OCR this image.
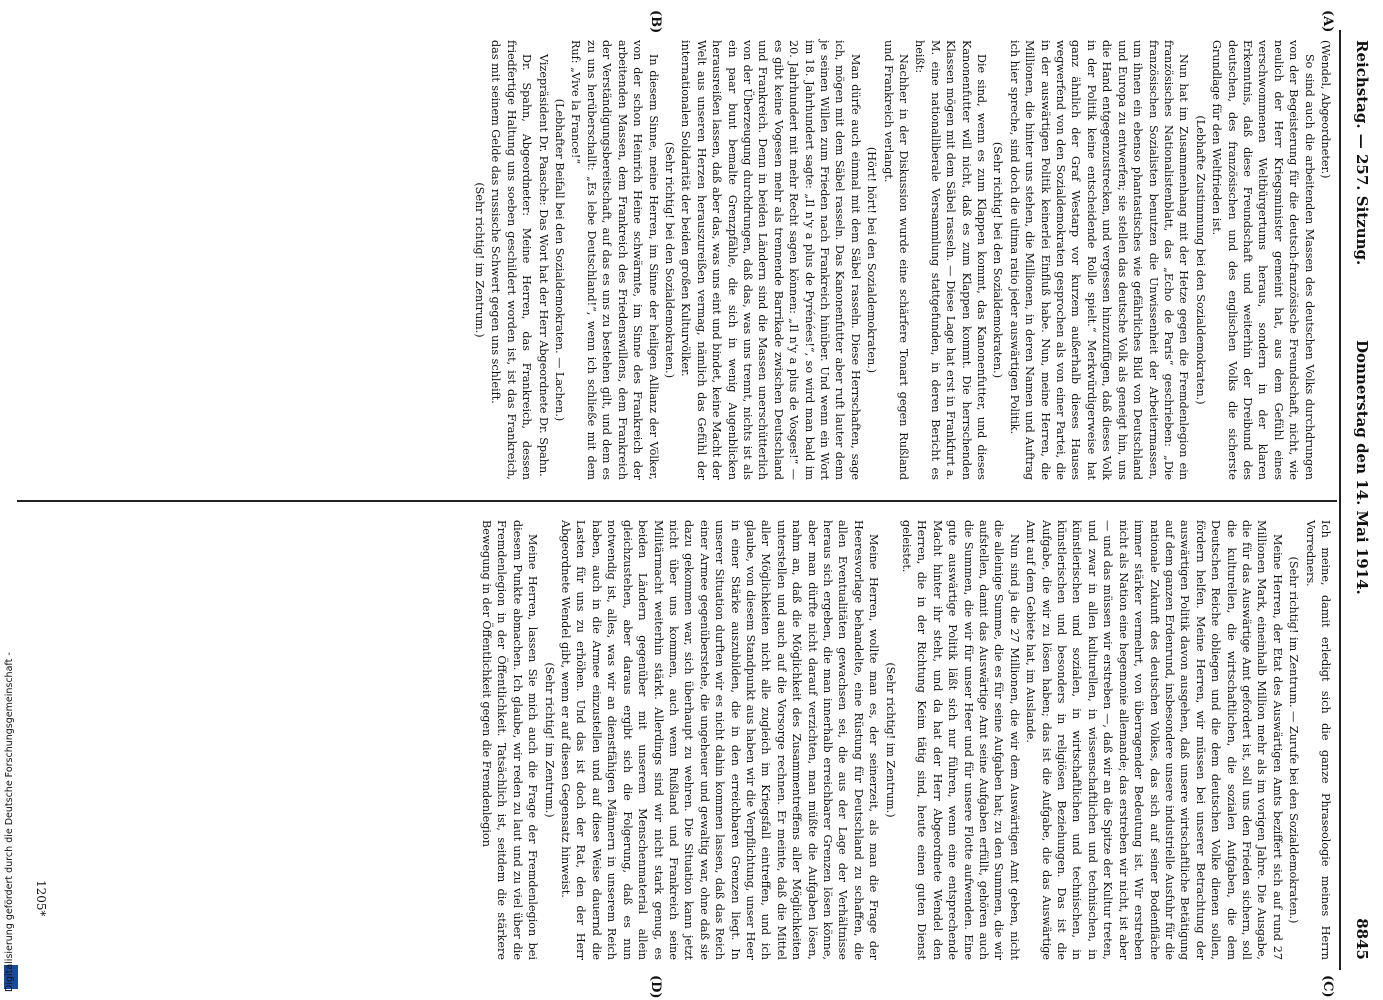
Digitalisierung gefördert durch die Deutsche Forschungsgemeinschaft -
Reichstag. — 257. Sitzung.
Donnerstag den 14. Mai 1914.
8845
(A)
(B)
(C)
(D)

(Wendel, Abgeordneter.)

So sind auch die arbeitenden Massen des deutschen Volks durchdrungen von der Begeisterung für die deutsch-französische Freundschaft, nicht, wie neulich der Herr Kriegsminister gemeint hat, aus dem Gefühl eines verschwommenen Weltbürgertums heraus, sondern in der klaren Erkenntnis, daß diese Freundschaft und weiterhin der Dreibund des deutschen, des französischen und des englischen Volks die sicherste Grundlage für den Weltfrieden ist.

(Lebhafte Zustimmung bei den Sozialdemokraten.)

Nun hat im Zusammenhang mit der Hetze gegen die Fremdenlegion ein französisches Nationalistenblatt, das „Echo de Paris“ geschrieben: „Die französischen Sozialisten benutzen die Unwissenheit der Arbeitermassen, um ihnen ein ebenso phantastisches wie gefährliches Bild von Deutschland und Europa zu entwerfen; sie stellen das deutsche Volk als geneigt hin, uns die Hand entgegenzustrecken, und vergessen hinzuzufügen, daß dieses Volk in der Politik keine entscheidende Rolle spielt.“ Merkwürdigerweise hat ganz ähnlich der Graf Westarp vor kurzem außerhalb dieses Hauses wegwerfend von den Sozialdemokraten gesprochen als von einer Partei, die in der auswärtigen Politik keinerlei Einfluß habe. Nun, meine Herren, die Millionen, die hinter uns stehen, die Millionen, in deren Namen und Auftrag ich hier spreche, sind doch die ultima ratio jeder auswärtigen Politik.

(Sehr richtig! bei den Sozialdemokraten.)

Die sind, wenn es zum Klappen kommt, das Kanonenfutter, und dieses Kanonenfutter will nicht, daß es zum Klappen kommt. Die herrschenden Klassen mögen mit dem Säbel rasseln. — Diese Lage hat erst in Frankfurt a. M. eine nationalliberale Versammlung stattgefunden, in deren Bericht es heißt:

Nachher in der Diskussion wurde eine schärfere Tonart gegen Rußland und Frankreich verlangt.

(Hört! hört! bei den Sozialdemokraten.)

Man dürfe auch einmal mit dem Säbel rasseln. Diese Herrschaften, sage ich, mögen mit dem Säbel rasseln. Das Kanonenfutter aber ruft lauter denn je seinen Willen zum Frieden nach Frankreich hinüber. Und wenn ein Wort im 18. Jahrhundert sagte: „Il n'y a plus de Pyrénées!“, so wird man bald im 20. Jahrhundert mit mehr Recht sagen können: „Il n'y a plus de Vosges!“ — es gibt keine Vogesen mehr als trennende Barrikade zwischen Deutschland und Frankreich. Denn in beiden Ländern sind die Massen unerschütterlich von der Überzeugung durchdrungen, daß das, was uns trennt, nichts ist als ein paar bunt bemalte Grenzpfähle, die sich in wenig Augenblicken herausreißen lassen, daß aber das, was uns eint und bindet, keine Macht der Welt aus unseren Herzen herauszureißen vermag, nämlich das Gefühl der internationalen Solidarität der beiden großen Kulturvölker.

(Sehr richtig! bei den Sozialdemokraten.)

In diesem Sinne, meine Herren, im Sinne der heiligen Allianz der Völker, von der schon Heinrich Heine schwärmte, im Sinne des Frankreich der arbeitenden Massen, dem Frankreich des Friedenswillens, dem Frankreich der Verständigungsbereitschaft, auf das es uns zu bestehen gilt, und dem es zu uns herüberschallt: „Es lebe Deutschland!“, wenn ich schließe mit dem Ruf: „Vive la France!“

(Lebhafter Beifall bei den Sozialdemokraten. — Lachen.)

Vizepräsident Dr. Paasche: Das Wort hat der Herr Abgeordnete Dr. Spahn.

Dr. Spahn, Abgeordneter: Meine Herren, das Frankreich, dessen friedfertige Haltung uns soeben geschildert worden ist, ist das Frankreich, das mit seinem Gelde das russische Schwert gegen uns schleift.

(Sehr richtig! im Zentrum.)

Ich meine, damit erledigt sich die ganze Phraseologie meines Herrn Vorredners.

(Sehr richtig! im Zentrum. — Zurufe bei den Sozialdemokraten.)

Meine Herren, der Etat des Auswärtigen Amts beziffert sich auf rund 27 Millionen Mark, eineinhalb Million mehr als im vorigen Jahre. Die Ausgabe, die für das Auswärtige Amt gefordert ist, soll uns den Frieden sichern, soll die kulturellen, die wirtschaftlichen, die sozialen Aufgaben, die dem Deutschen Reiche obliegen und die dem deutschen Volke dienen sollen, fördern helfen. Meine Herren, wir müssen bei unserer Betrachtung der auswärtigen Politik davon ausgehen, daß unsere wirtschaftliche Betätigung auf dem ganzen Erdenrund, insbesondere unsere industrielle Ausfuhr für die nationale Zukunft des deutschen Volkes, das sich auf seiner Bodenfläche immer stärker vermehrt, von überragender Bedeutung ist. Wir erstreben nicht als Nation eine hegemonie allemande; das erstreben wir nicht, ist aber — und das müssen wir erstreben —, daß wir an die Spitze der Kultur treten, und zwar in allen kulturellen, in wissenschaftlichen und technischen, in künstlerischen und sozialen, in wirtschaftlichen und technischen, in künstlerischen und besonders in religiösen Beziehungen. Das ist die Aufgabe, die wir zu lösen haben; das ist die Aufgabe, die das Auswärtige Amt auf dem Gebiete hat, im Auslande.

Nun sind ja die 27 Millionen, die wir dem Auswärtigen Amt geben, nicht die alleinige Summe, die es für seine Aufgaben hat; zu den Summen, die wir aufstellen, damit das Auswärtige Amt seine Aufgaben erfüllt, gehören auch die Summen, die wir für unser Heer und für unsere Flotte aufwenden. Eine gute auswärtige Politik läßt sich nur führen, wenn eine entsprechende Macht hinter ihr steht, und da hat der Herr Abgeordnete Wendel den Herren, die in der Richtung Keim tätig sind, heute einen guten Dienst geleistet.

(Sehr richtig! im Zentrum.)

Meine Herren, wollte man es, der seinerzeit, als man die Frage der Heeresvorlage behandelte, eine Rüstung für Deutschland zu schaffen, die allen Eventualitäten gewachsen sei, die aus der Lage der Verhältnisse heraus sich ergeben, die man innerhalb erreichbarer Grenzen lösen könne, aber man dürfte nicht darauf verzichten, man müßte die Aufgaben lösen, nahm an, daß die Möglichkeit des Zusammentreffens aller Möglichkeiten unterstellen und auch auf die Vorsorge rechnen. Er meinte, daß die Mittel aller Möglichkeiten nicht alle zugleich im Kriegsfall eintreffen, und ich glaube, von diesem Standpunkt aus haben wir die Verpflichtung, unser Heer in einer Stärke auszubilden, die in den erreichbaren Grenzen liegt. In unserer Situation durften wir es nicht dahin kommen lassen, daß das Reich einer Armee gegenüberstehe, die ungeheuer und gewaltig war, ohne daß sie dazu gekommen war, sich überhaupt zu wehren. Die Situation kann jetzt nicht über uns kommen, auch wenn Rußland und Frankreich seine Militärmacht weiterhin stärkt. Allerdings sind wir nicht stark genug, es beiden Ländern gegenüber mit unserem Menschenmaterial allein gleichzustehen, aber daraus ergibt sich die Folgerung, daß es nun notwendig ist, alles, was wir an dienstfähigen Männern in unserem Reich haben, auch in die Armee einzustellen und auf diese Weise dauernd die Lasten für uns zu erhöhen. Und das ist doch der Rat, den der Herr Abgeordnete Wendel gibt, wenn er auf diesen Gegensatz hinweist.

(Sehr richtig! im Zentrum.)

Meine Herren, lassen Sie mich auch die Frage der Fremdenlegion bei diesem Punkte abmachen. Ich glaube, wir reden zu laut und zu viel über die Fremdenlegion in der Öffentlichkeit. Tatsächlich ist, seitdem die stärkere Bewegung in der Öffentlichkeit gegen die Fremdenlegion

1205*
